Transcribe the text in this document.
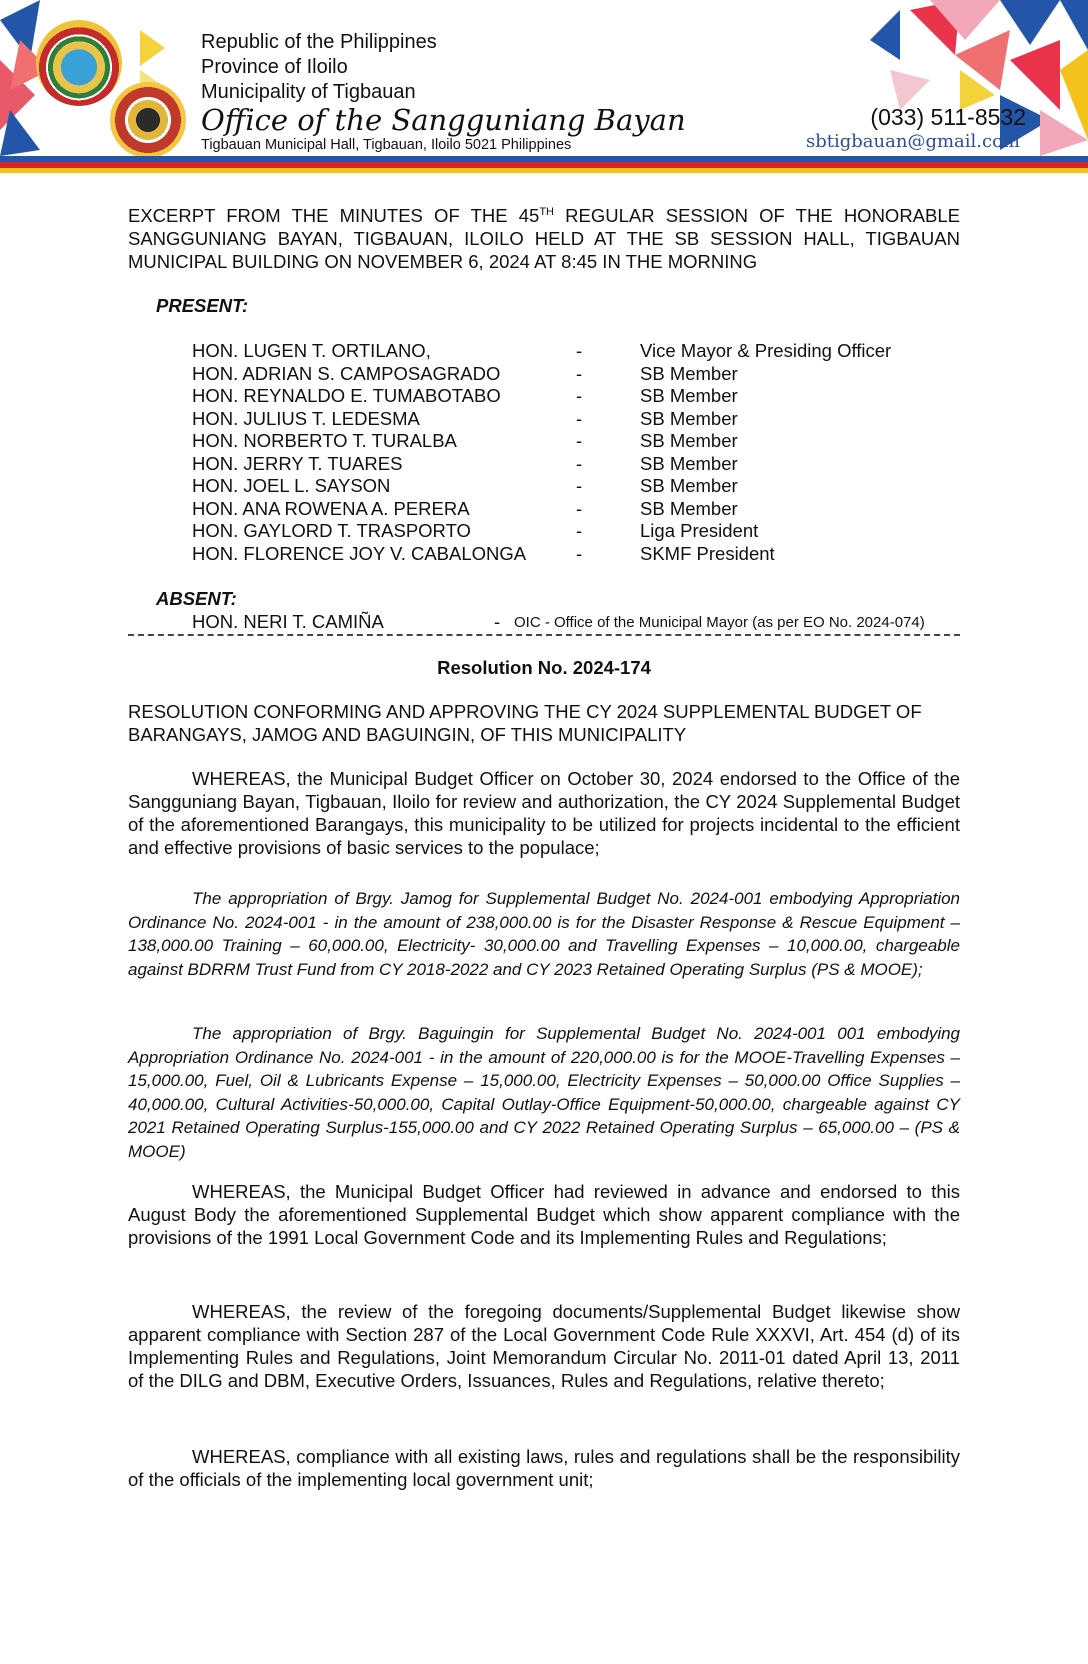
Republic of the Philippines
Province of Iloilo
Municipality of Tigbauan
Office of the Sangguniang Bayan
Tigbauan Municipal Hall, Tigbauan, Iloilo 5021 Philippines
(033) 511-8532
sbtigbauan@gmail.com
EXCERPT FROM THE MINUTES OF THE 45TH REGULAR SESSION OF THE HONORABLE SANGGUNIANG BAYAN, TIGBAUAN, ILOILO HELD AT THE SB SESSION HALL, TIGBAUAN MUNICIPAL BUILDING ON NOVEMBER 6, 2024 AT 8:45 IN THE MORNING
PRESENT:
HON. LUGEN T. ORTILANO,	-	Vice Mayor & Presiding Officer
HON. ADRIAN S. CAMPOSAGRADO	-	SB Member
HON. REYNALDO E. TUMABOTABO	-	SB Member
HON. JULIUS T. LEDESMA	-	SB Member
HON. NORBERTO T. TURALBA	-	SB Member
HON. JERRY T. TUARES	-	SB Member
HON. JOEL L. SAYSON	-	SB Member
HON. ANA ROWENA A. PERERA	-	SB Member
HON. GAYLORD T. TRASPORTO	-	Liga President
HON. FLORENCE JOY V. CABALONGA	-	SKMF President
ABSENT:
HON. NERI T. CAMIÑA	- OIC - Office of the Municipal Mayor (as per EO No. 2024-074)
Resolution No. 2024-174
RESOLUTION CONFORMING AND APPROVING THE CY 2024 SUPPLEMENTAL BUDGET OF BARANGAYS, JAMOG AND BAGUINGIN, OF THIS MUNICIPALITY
WHEREAS, the Municipal Budget Officer on October 30, 2024 endorsed to the Office of the Sangguniang Bayan, Tigbauan, Iloilo for review and authorization, the CY 2024 Supplemental Budget of the aforementioned Barangays, this municipality to be utilized for projects incidental to the efficient and effective provisions of basic services to the populace;
The appropriation of Brgy. Jamog for Supplemental Budget No. 2024-001 embodying Appropriation Ordinance No. 2024-001 - in the amount of 238,000.00 is for the Disaster Response & Rescue Equipment – 138,000.00 Training – 60,000.00, Electricity- 30,000.00 and Travelling Expenses – 10,000.00, chargeable against BDRRM Trust Fund from CY 2018-2022 and CY 2023 Retained Operating Surplus (PS & MOOE);
The appropriation of Brgy. Baguingin for Supplemental Budget No. 2024-001 001 embodying Appropriation Ordinance No. 2024-001 - in the amount of 220,000.00 is for the MOOE-Travelling Expenses – 15,000.00, Fuel, Oil & Lubricants Expense – 15,000.00, Electricity Expenses – 50,000.00 Office Supplies – 40,000.00, Cultural Activities-50,000.00, Capital Outlay-Office Equipment-50,000.00, chargeable against CY 2021 Retained Operating Surplus-155,000.00 and CY 2022 Retained Operating Surplus – 65,000.00 – (PS & MOOE)
WHEREAS, the Municipal Budget Officer had reviewed in advance and endorsed to this August Body the aforementioned Supplemental Budget which show apparent compliance with the provisions of the 1991 Local Government Code and its Implementing Rules and Regulations;
WHEREAS, the review of the foregoing documents/Supplemental Budget likewise show apparent compliance with Section 287 of the Local Government Code Rule XXXVI, Art. 454 (d) of its Implementing Rules and Regulations, Joint Memorandum Circular No. 2011-01 dated April 13, 2011 of the DILG and DBM, Executive Orders, Issuances, Rules and Regulations, relative thereto;
WHEREAS, compliance with all existing laws, rules and regulations shall be the responsibility of the officials of the implementing local government unit;
